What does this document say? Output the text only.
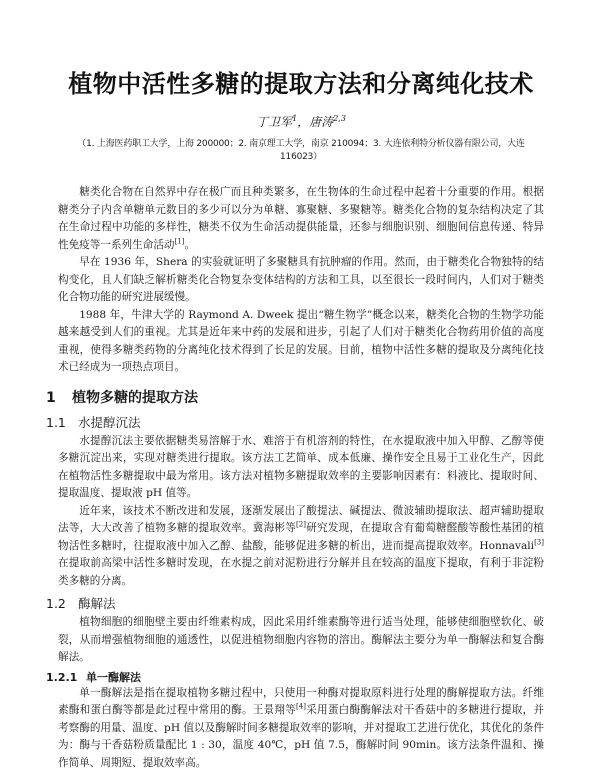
植物中活性多糖的提取方法和分离纯化技术
丁卫军$^1$，唐涛$^{2,3}$
（1. 上海医药职工大学，上海 200000；2. 南京理工大学，南京 210094；3. 大连依利特分析仪器有限公司，大连 116023）

糖类化合物在自然界中存在极广而且种类繁多，在生物体的生命过程中起着十分重要的作用。根据糖类分子内含单糖单元数目的多少可以分为单糖、寡聚糖、多聚糖等。糖类化合物的复杂结构决定了其在生命过程中功能的多样性，糖类不仅为生命活动提供能量，还参与细胞识别、细胞间信息传递、特异性免疫等一系列生命活动[1]。

早在 1936 年，Shera 的实验就证明了多聚糖具有抗肿瘤的作用。然而，由于糖类化合物独特的结构变化，且人们缺乏解析糖类化合物复杂变体结构的方法和工具，以至很长一段时间内，人们对于糖类化合物功能的研究进展缓慢。

1988 年，牛津大学的 Raymond A. Dweek 提出“糖生物学”概念以来，糖类化合物的生物学功能越来越受到人们的重视。尤其是近年来中药的发展和进步，引起了人们对于糖类化合物药用价值的高度重视，使得多糖类药物的分离纯化技术得到了长足的发展。目前，植物中活性多糖的提取及分离纯化技术已经成为一项热点项目。

1 植物多糖的提取方法
1.1 水提醇沉法

水提醇沉法主要依据糖类易溶解于水、难溶于有机溶剂的特性，在水提取液中加入甲醇、乙醇等使多糖沉淀出来，实现对糖类进行提取。该方法工艺简单、成本低廉、操作安全且易于工业化生产，因此在植物活性多糖提取中最为常用。该方法对植物多糖提取效率的主要影响因素有：料液比、提取时间、提取温度、提取液 pH 值等。

近年来，该技术不断改进和发展，逐渐发展出了酸提法、碱提法、微波辅助提取法、超声辅助提取法等，大大改善了植物多糖的提取效率。冀海彬等[2]研究发现，在提取含有葡萄糖醛酸等酸性基团的植物活性多糖时，往提取液中加入乙醇、盐酸，能够促进多糖的析出，进而提高提取效率。Honnavali[3]在提取前高梁中活性多糖时发现，在水提之前对泥粉进行分解并且在较高的温度下提取，有利于非淀粉类多糖的分离。

1.2 酶解法

植物细胞的细胞壁主要由纤维素构成，因此采用纤维素酶等进行适当处理，能够使细胞壁软化、破裂，从而增强植物细胞的通透性，以促进植物细胞内容物的溶出。酶解法主要分为单一酶解法和复合酶解法。

1.2.1 单一酶解法

单一酶解法是指在提取植物多糖过程中，只使用一种酶对提取原料进行处理的酶解提取方法。纤维素酶和蛋白酶等都是此过程中常用的酶。王景翔等[4]采用蛋白酶酶解法对干香菇中的多糖进行提取，并考察酶的用量、温度、pH 值以及酶解时间多糖提取效率的影响，并对提取工艺进行优化，其优化的条件为：酶与干香菇粉质量配比 1 : 30，温度 40℃，pH 值 7.5，酶解时间 90min。该方法条件温和、操作简单、周期短、提取效率高。
